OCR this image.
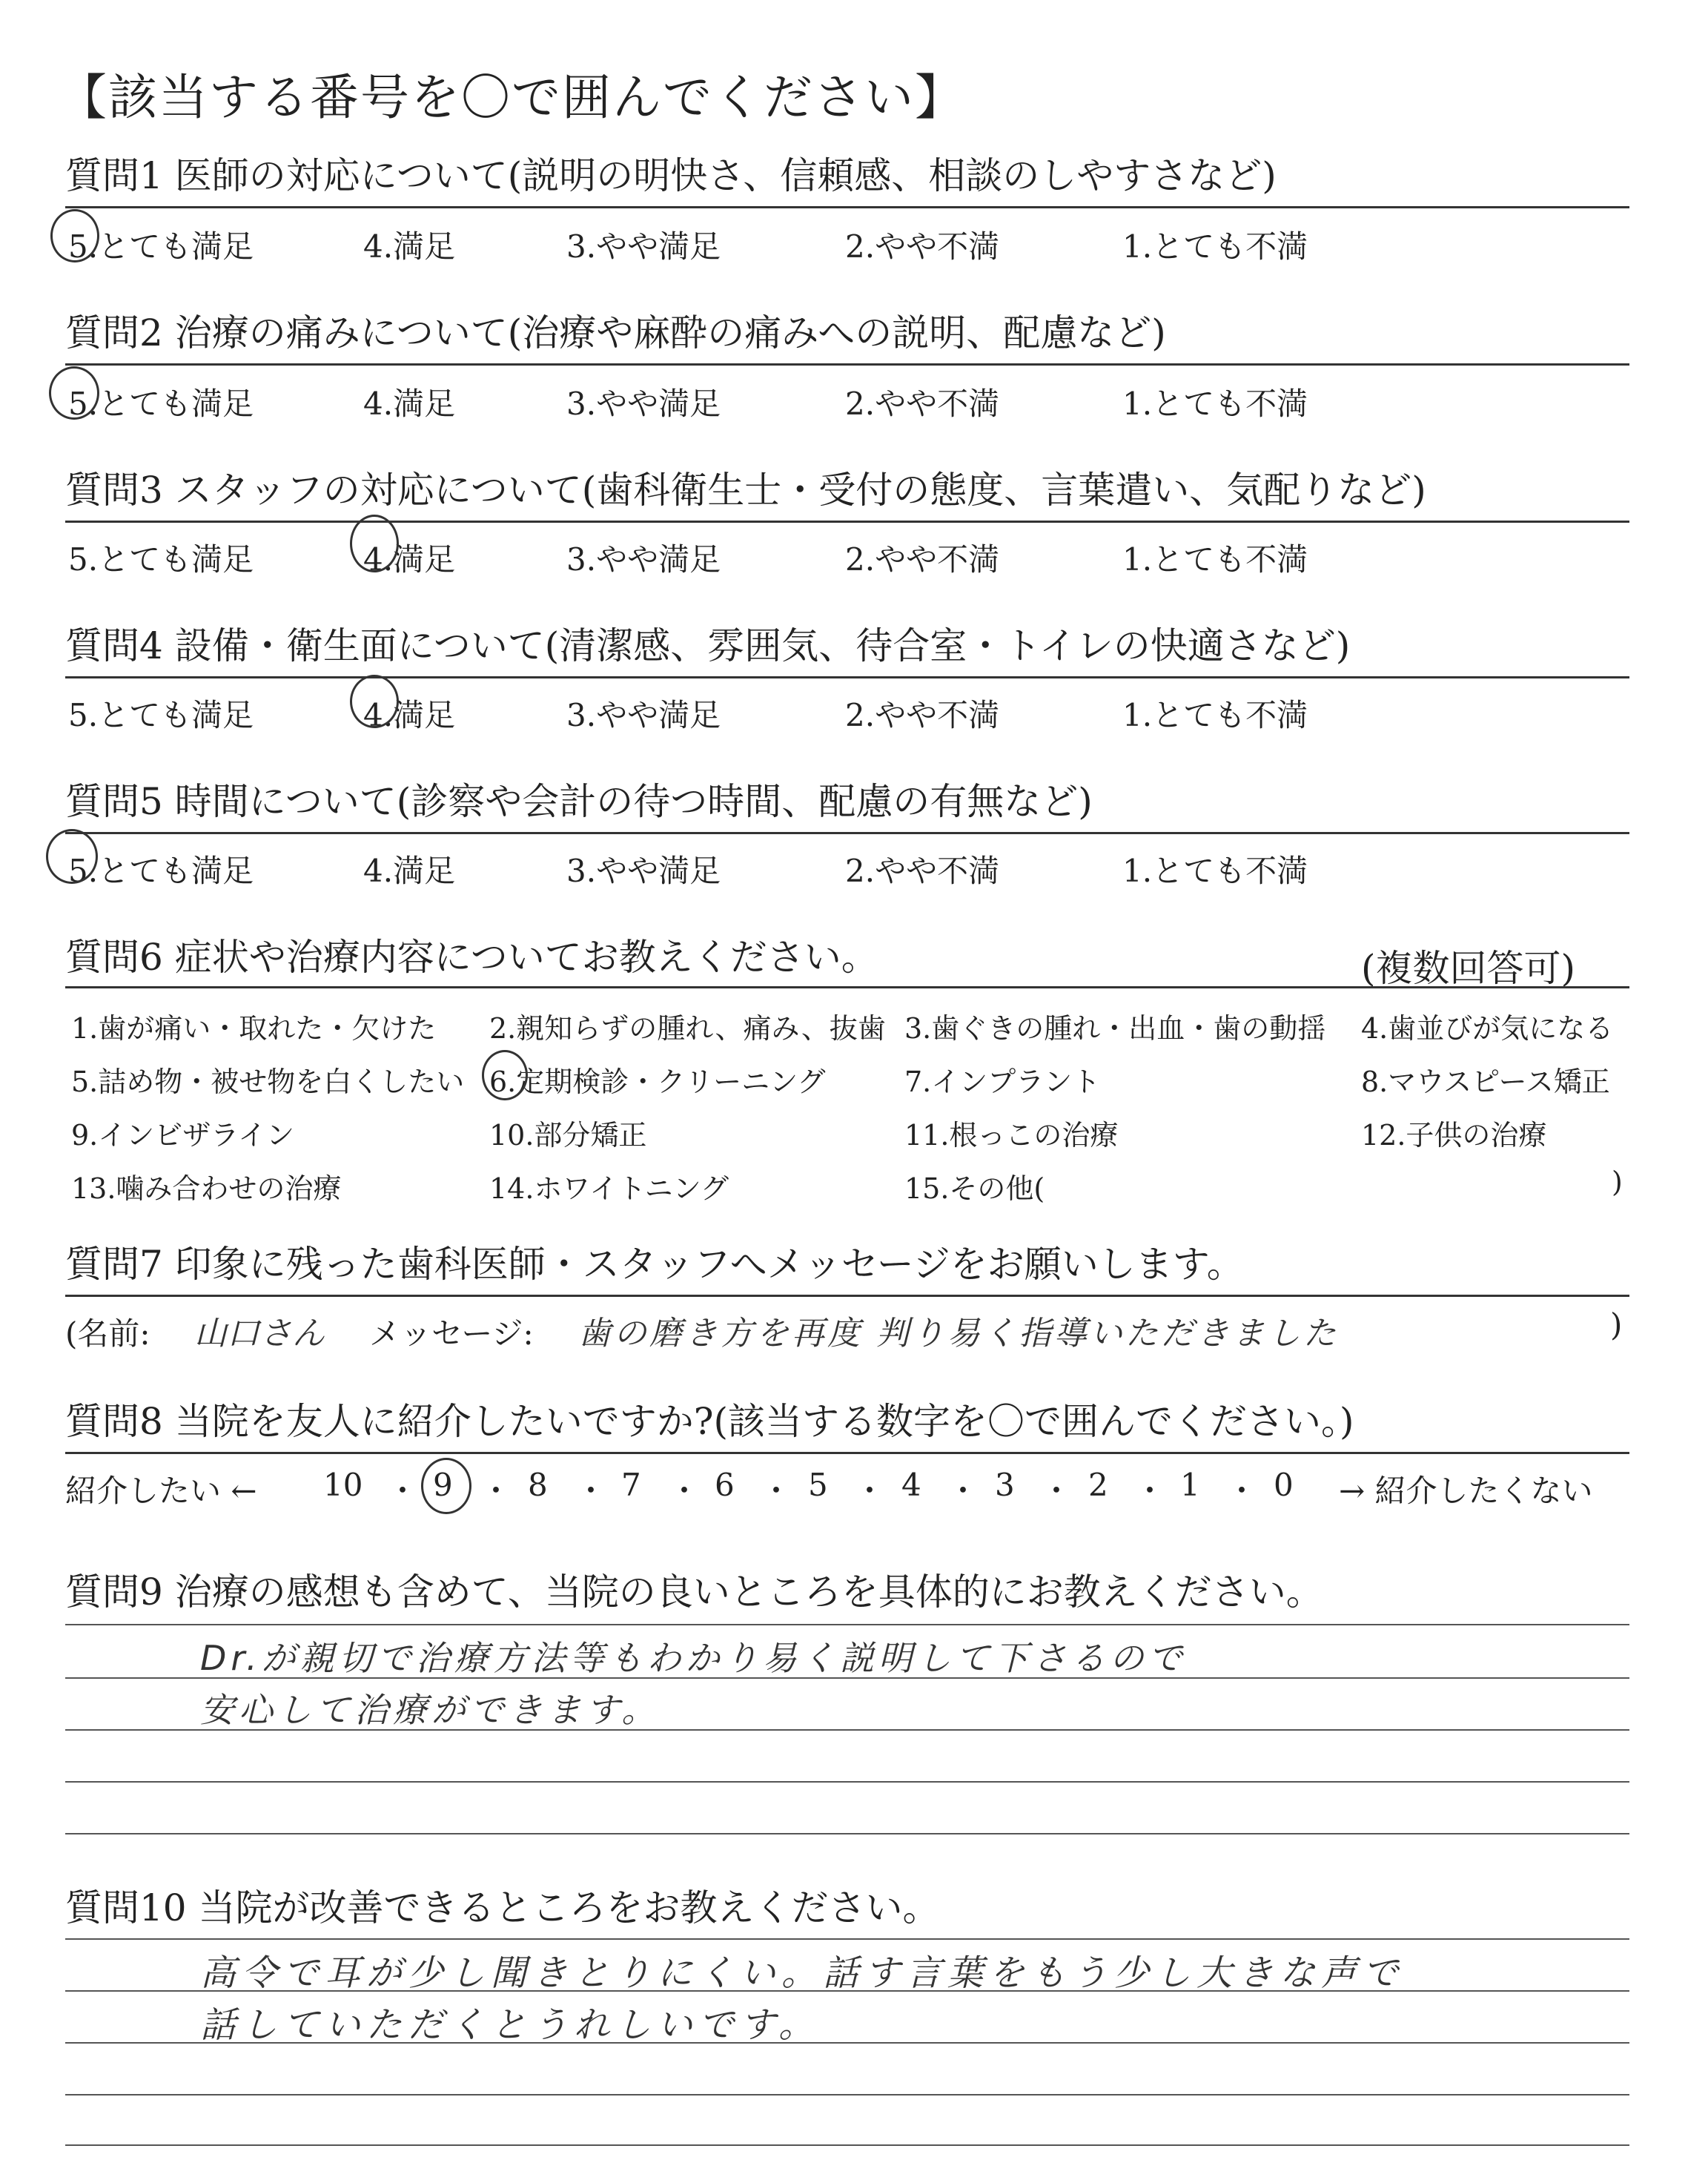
【該当する番号を〇で囲んでください】
質問1 医師の対応について(説明の明快さ、信頼感、相談のしやすさなど)
5.とても満足	4.満足	3.やや満足	2.やや不満	1.とても不満
質問2 治療の痛みについて(治療や麻酔の痛みへの説明、配慮など)
5.とても満足	4.満足	3.やや満足	2.やや不満	1.とても不満
質問3 スタッフの対応について(歯科衛生士・受付の態度、言葉遣い、気配りなど)
5.とても満足	4.満足	3.やや満足	2.やや不満	1.とても不満
質問4 設備・衛生面について(清潔感、雰囲気、待合室・トイレの快適さなど)
5.とても満足	4.満足	3.やや満足	2.やや不満	1.とても不満
質問5 時間について(診察や会計の待つ時間、配慮の有無など)
5.とても満足	4.満足	3.やや満足	2.やや不満	1.とても不満
質問6 症状や治療内容についてお教えください。	(複数回答可)
1.歯が痛い・取れた・欠けた 2.親知らずの腫れ、痛み、抜歯 3.歯ぐきの腫れ・出血・歯の動揺 4.歯並びが気になる
5.詰め物・被せ物を白くしたい 6.定期検診・クリーニング	7.インプラント	8.マウスピース矯正
9.インビザライン	10.部分矯正	11.根っこの治療	12.子供の治療
13.噛み合わせの治療	14.ホワイトニング	15.その他(	)
質問7 印象に残った歯科医師・スタッフへメッセージをお願いします。
(名前: 山口さん メッセージ: 歯の磨き方を再度 判り易く指導いただきました	)
質問8 当院を友人に紹介したいですか?(該当する数字を〇で囲んでください。)
紹介したい ← 10 ・ 9 ・ 8 ・ 7 ・ 6 ・ 5 ・ 4 ・ 3 ・ 2 ・ 1 ・ 0 → 紹介したくない
質問9 治療の感想も含めて、当院の良いところを具体的にお教えください。
Dr.が親切で治療方法等もわかり易く説明して下さるので
安心して治療ができます。
質問10 当院が改善できるところをお教えください。
高令で耳が少し聞きとりにくい。話す言葉をもう少し大きな声で
話していただくとうれしいです。
